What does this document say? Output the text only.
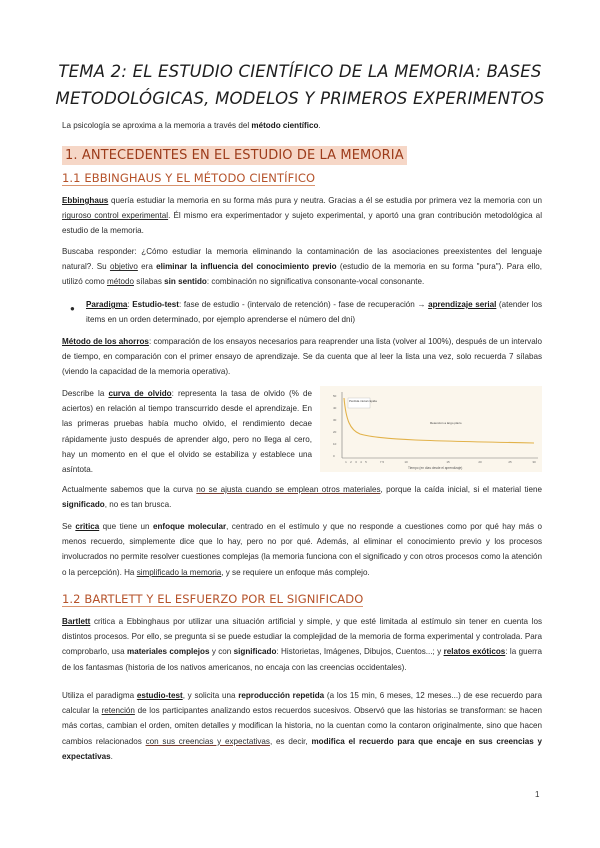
TEMA 2: EL ESTUDIO CIENTÍFICO DE LA MEMORIA: BASES
METODOLÓGICAS, MODELOS Y PRIMEROS EXPERIMENTOS
La psicología se aproxima a la memoria a través del método científico.
1. ANTECEDENTES EN EL ESTUDIO DE LA MEMORIA
1.1 EBBINGHAUS Y EL MÉTODO CIENTÍFICO
Ebbinghaus quería estudiar la memoria en su forma más pura y neutra. Gracias a él se estudia por primera vez la memoria con un riguroso control experimental. Él mismo era experimentador y sujeto experimental, y aportó una gran contribución metodológica al estudio de la memoria.
Buscaba responder: ¿Cómo estudiar la memoria eliminando la contaminación de las asociaciones preexistentes del lenguaje natural?. Su objetivo era eliminar la influencia del conocimiento previo (estudio de la memoria en su forma "pura"). Para ello, utilizó como método sílabas sin sentido: combinación no significativa consonante-vocal consonante.
● Paradigma: Estudio-test: fase de estudio - (intervalo de retención) - fase de recuperación → aprendizaje serial (atender los items en un orden determinado, por ejemplo aprenderse el número del dni)
Método de los ahorros: comparación de los ensayos necesarios para reaprender una lista (volver al 100%), después de un intervalo de tiempo, en comparación con el primer ensayo de aprendizaje. Se da cuenta que al leer la lista una vez, solo recuerda 7 sílabas (viendo la capacidad de la memoria operativa).
Describe la curva de olvido: representa la tasa de olvido (% de aciertos) en relación al tiempo transcurrido desde el aprendizaje. En las primeras pruebas había mucho olvido, el rendimiento decae rápidamente justo después de aprender algo, pero no llega al cero, hay un momento en el que el olvido se estabiliza y establece una asíntota.
50
40
30
20
10
0
1 2 3 4 5	7.5	10	15	20	25	30
Pérdida inicial rápida
Retención a largo plazo
Tiempo (en días desde el aprendizaje)
Actualmente sabemos que la curva no se ajusta cuando se emplean otros materiales, porque la caída inicial, si el material tiene significado, no es tan brusca.
Se critica que tiene un enfoque molecular, centrado en el estímulo y que no responde a cuestiones como por qué hay más o menos recuerdo, simplemente dice que lo hay, pero no por qué. Además, al eliminar el conocimiento previo y los procesos involucrados no permite resolver cuestiones complejas (la memoria funciona con el significado y con otros procesos como la atención o la percepción). Ha simplificado la memoria, y se requiere un enfoque más complejo.
1.2 BARTLETT Y EL ESFUERZO POR EL SIGNIFICADO
Bartlett critica a Ebbinghaus por utilizar una situación artificial y simple, y que esté limitada al estímulo sin tener en cuenta los distintos procesos. Por ello, se pregunta si se puede estudiar la complejidad de la memoria de forma experimental y controlada. Para comprobarlo, usa materiales complejos y con significado: Historietas, Imágenes, Dibujos, Cuentos...; y relatos exóticos: la guerra de los fantasmas (historia de los nativos americanos, no encaja con las creencias occidentales).
Utiliza el paradigma estudio-test, y solicita una reproducción repetida (a los 15 min, 6 meses, 12 meses...) de ese recuerdo para calcular la retención de los participantes analizando estos recuerdos sucesivos. Observó que las historias se transforman: se hacen más cortas, cambian el orden, omiten detalles y modifican la historia, no la cuentan como la contaron originalmente, sino que hacen cambios relacionados con sus creencias y expectativas, es decir, modifica el recuerdo para que encaje en sus creencias y expectativas.
1
